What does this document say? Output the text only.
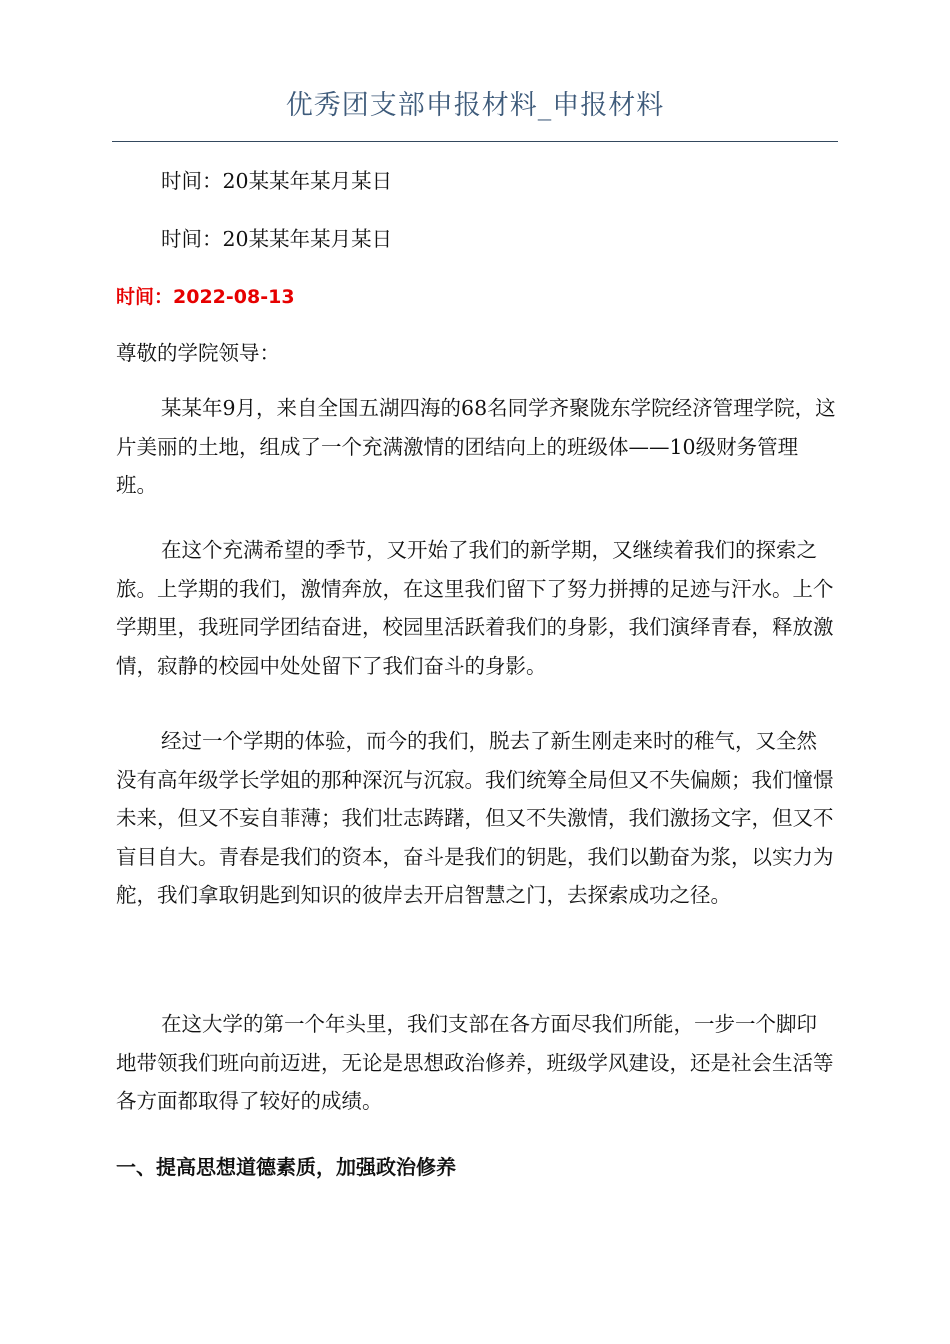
优秀团支部申报材料_申报材料
时间：20某某年某月某日
时间：20某某年某月某日
时间：2022-08-13
尊敬的学院领导：
某某年9月，来自全国五湖四海的68名同学齐聚陇东学院经济管理学院，这片美丽的土地，组成了一个充满激情的团结向上的班级体——10级财务管理班。
在这个充满希望的季节，又开始了我们的新学期，又继续着我们的探索之旅。上学期的我们，激情奔放，在这里我们留下了努力拼搏的足迹与汗水。上个学期里，我班同学团结奋进，校园里活跃着我们的身影，我们演绎青春，释放激情，寂静的校园中处处留下了我们奋斗的身影。
经过一个学期的体验，而今的我们，脱去了新生刚走来时的稚气，又全然没有高年级学长学姐的那种深沉与沉寂。我们统筹全局但又不失偏颇；我们憧憬未来，但又不妄自菲薄；我们壮志踌躇，但又不失激情，我们激扬文字，但又不盲目自大。青春是我们的资本，奋斗是我们的钥匙，我们以勤奋为浆，以实力为舵，我们拿取钥匙到知识的彼岸去开启智慧之门，去探索成功之径。
在这大学的第一个年头里，我们支部在各方面尽我们所能，一步一个脚印地带领我们班向前迈进，无论是思想政治修养，班级学风建设，还是社会生活等各方面都取得了较好的成绩。
一、提高思想道德素质，加强政治修养
